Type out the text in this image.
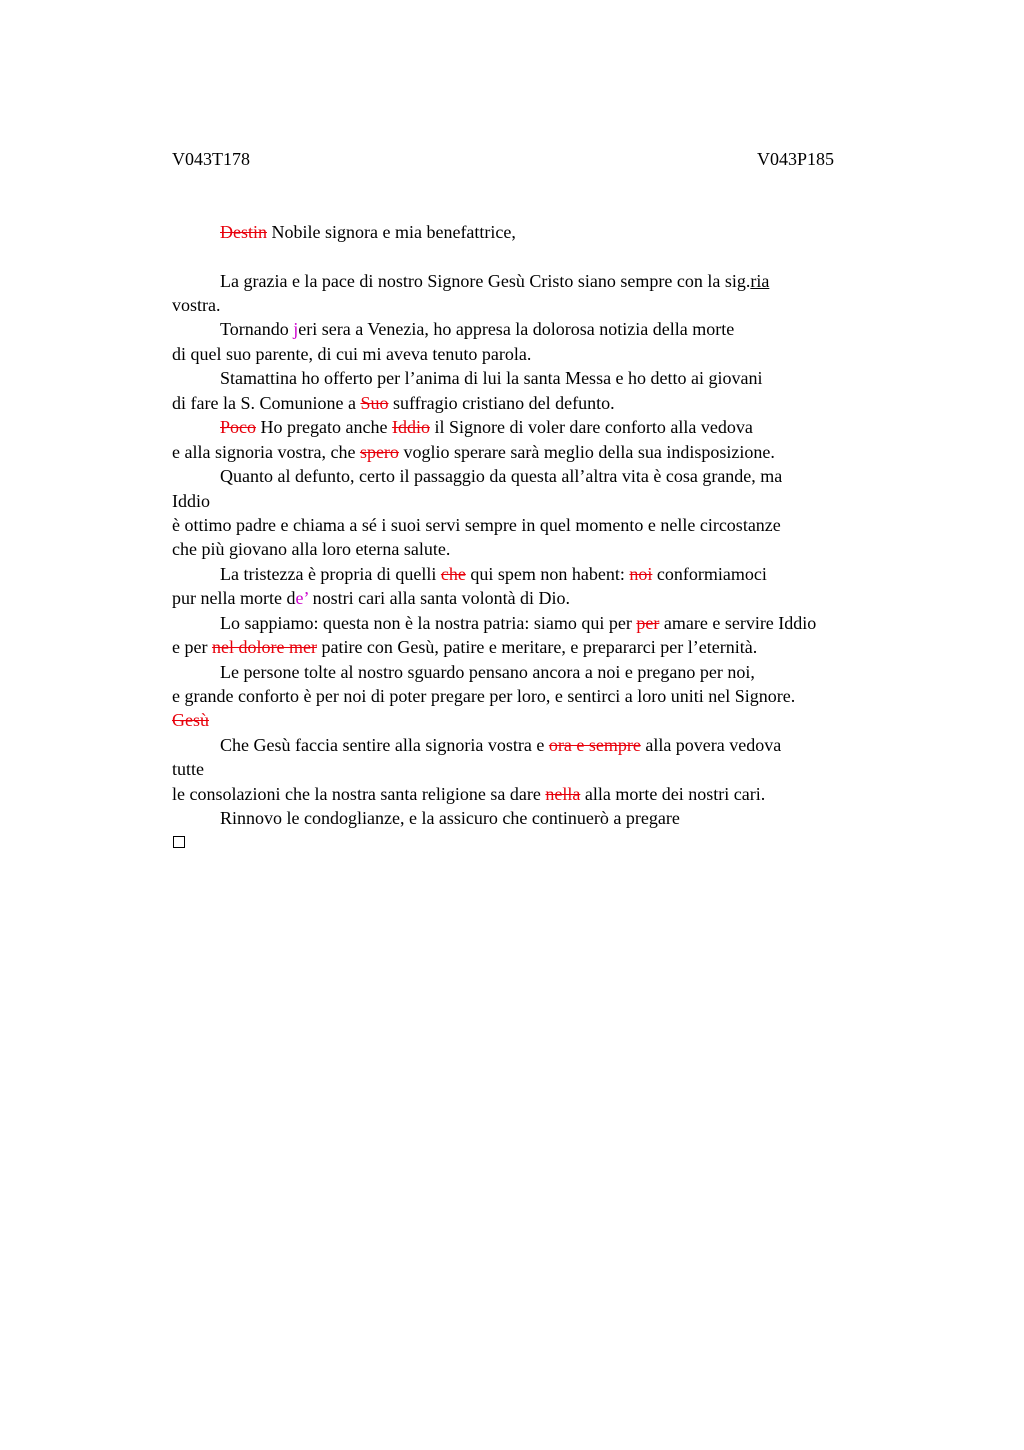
V043T178	V043P185
Destin Nobile signora e mia benefattrice,
La grazia e la pace di nostro Signore Gesù Cristo siano sempre con la sig.ria
vostra.
Tornando jeri sera a Venezia, ho appresa la dolorosa notizia della morte
di quel suo parente, di cui mi aveva tenuto parola.
Stamattina ho offerto per l’anima di lui la santa Messa e ho detto ai giovani
di fare la S. Comunione a Suo suffragio cristiano del defunto.
Poco Ho pregato anche Iddio il Signore di voler dare conforto alla vedova
e alla signoria vostra, che spero voglio sperare sarà meglio della sua indisposizione.
Quanto al defunto, certo il passaggio da questa all’altra vita è cosa grande, ma
Iddio
è ottimo padre e chiama a sé i suoi servi sempre in quel momento e nelle circostanze
che più giovano alla loro eterna salute.
La tristezza è propria di quelli che qui spem non habent: noi conformiamoci
pur nella morte de’ nostri cari alla santa volontà di Dio.
Lo sappiamo: questa non è la nostra patria: siamo qui per per amare e servire Iddio
e per nel dolore mer patire con Gesù, patire e meritare, e prepararci per l’eternità.
Le persone tolte al nostro sguardo pensano ancora a noi e pregano per noi,
e grande conforto è per noi di poter pregare per loro, e sentirci a loro uniti nel Signore.
Gesù
Che Gesù faccia sentire alla signoria vostra e ora e sempre alla povera vedova
tutte
le consolazioni che la nostra santa religione sa dare nella alla morte dei nostri cari.
Rinnovo le condoglianze, e la assicuro che continuerò a pregare
